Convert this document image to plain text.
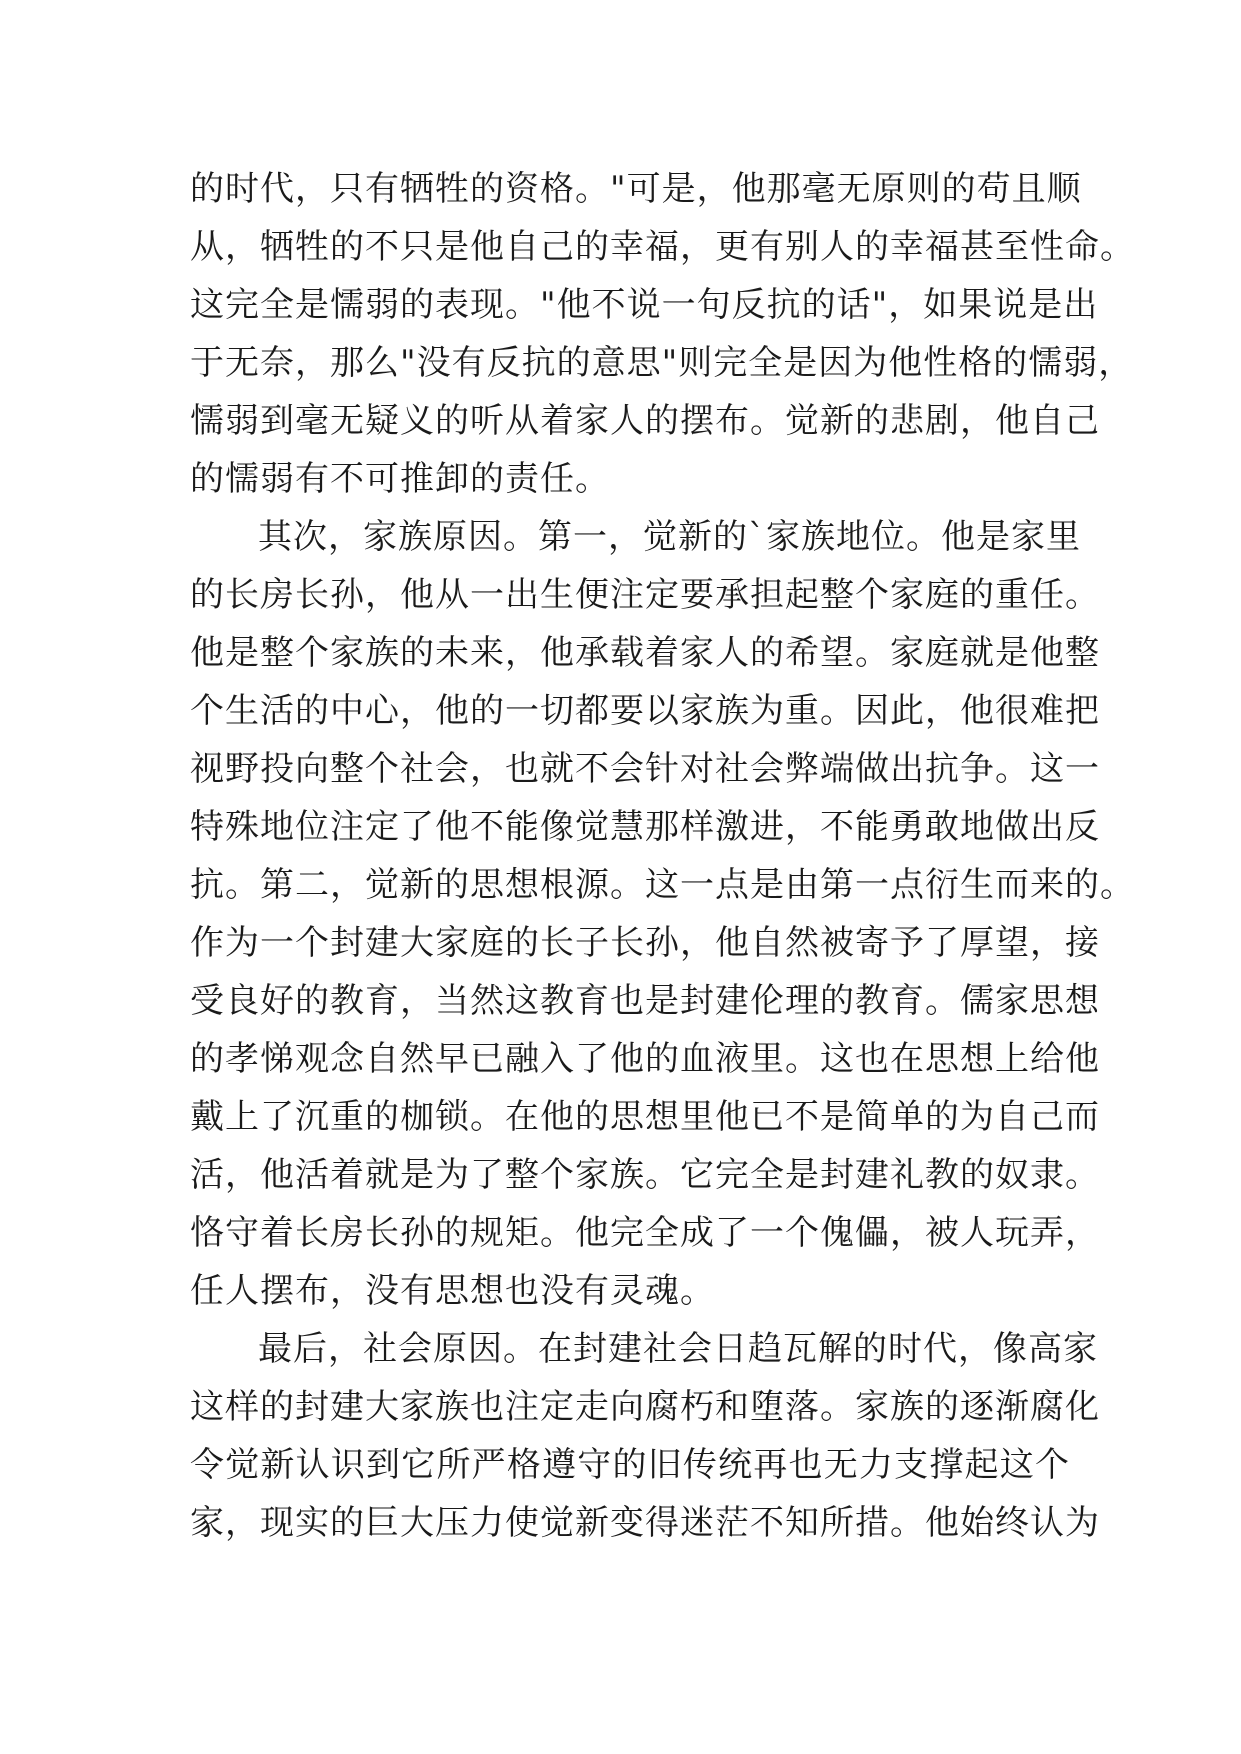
的时代，只有牺牲的资格。"可是，他那毫无原则的苟且顺
从，牺牲的不只是他自己的幸福，更有别人的幸福甚至性命。
这完全是懦弱的表现。"他不说一句反抗的话"，如果说是出
于无奈，那么"没有反抗的意思"则完全是因为他性格的懦弱，
懦弱到毫无疑义的听从着家人的摆布。觉新的悲剧，他自己
的懦弱有不可推卸的责任。
其次，家族原因。第一，觉新的`家族地位。他是家里
的长房长孙，他从一出生便注定要承担起整个家庭的重任。
他是整个家族的未来，他承载着家人的希望。家庭就是他整
个生活的中心，他的一切都要以家族为重。因此，他很难把
视野投向整个社会，也就不会针对社会弊端做出抗争。这一
特殊地位注定了他不能像觉慧那样激进，不能勇敢地做出反
抗。第二，觉新的思想根源。这一点是由第一点衍生而来的。
作为一个封建大家庭的长子长孙，他自然被寄予了厚望，接
受良好的教育，当然这教育也是封建伦理的教育。儒家思想
的孝悌观念自然早已融入了他的血液里。这也在思想上给他
戴上了沉重的枷锁。在他的思想里他已不是简单的为自己而
活，他活着就是为了整个家族。它完全是封建礼教的奴隶。
恪守着长房长孙的规矩。他完全成了一个傀儡，被人玩弄，
任人摆布，没有思想也没有灵魂。
最后，社会原因。在封建社会日趋瓦解的时代，像高家
这样的封建大家族也注定走向腐朽和堕落。家族的逐渐腐化
令觉新认识到它所严格遵守的旧传统再也无力支撑起这个
家，现实的巨大压力使觉新变得迷茫不知所措。他始终认为
